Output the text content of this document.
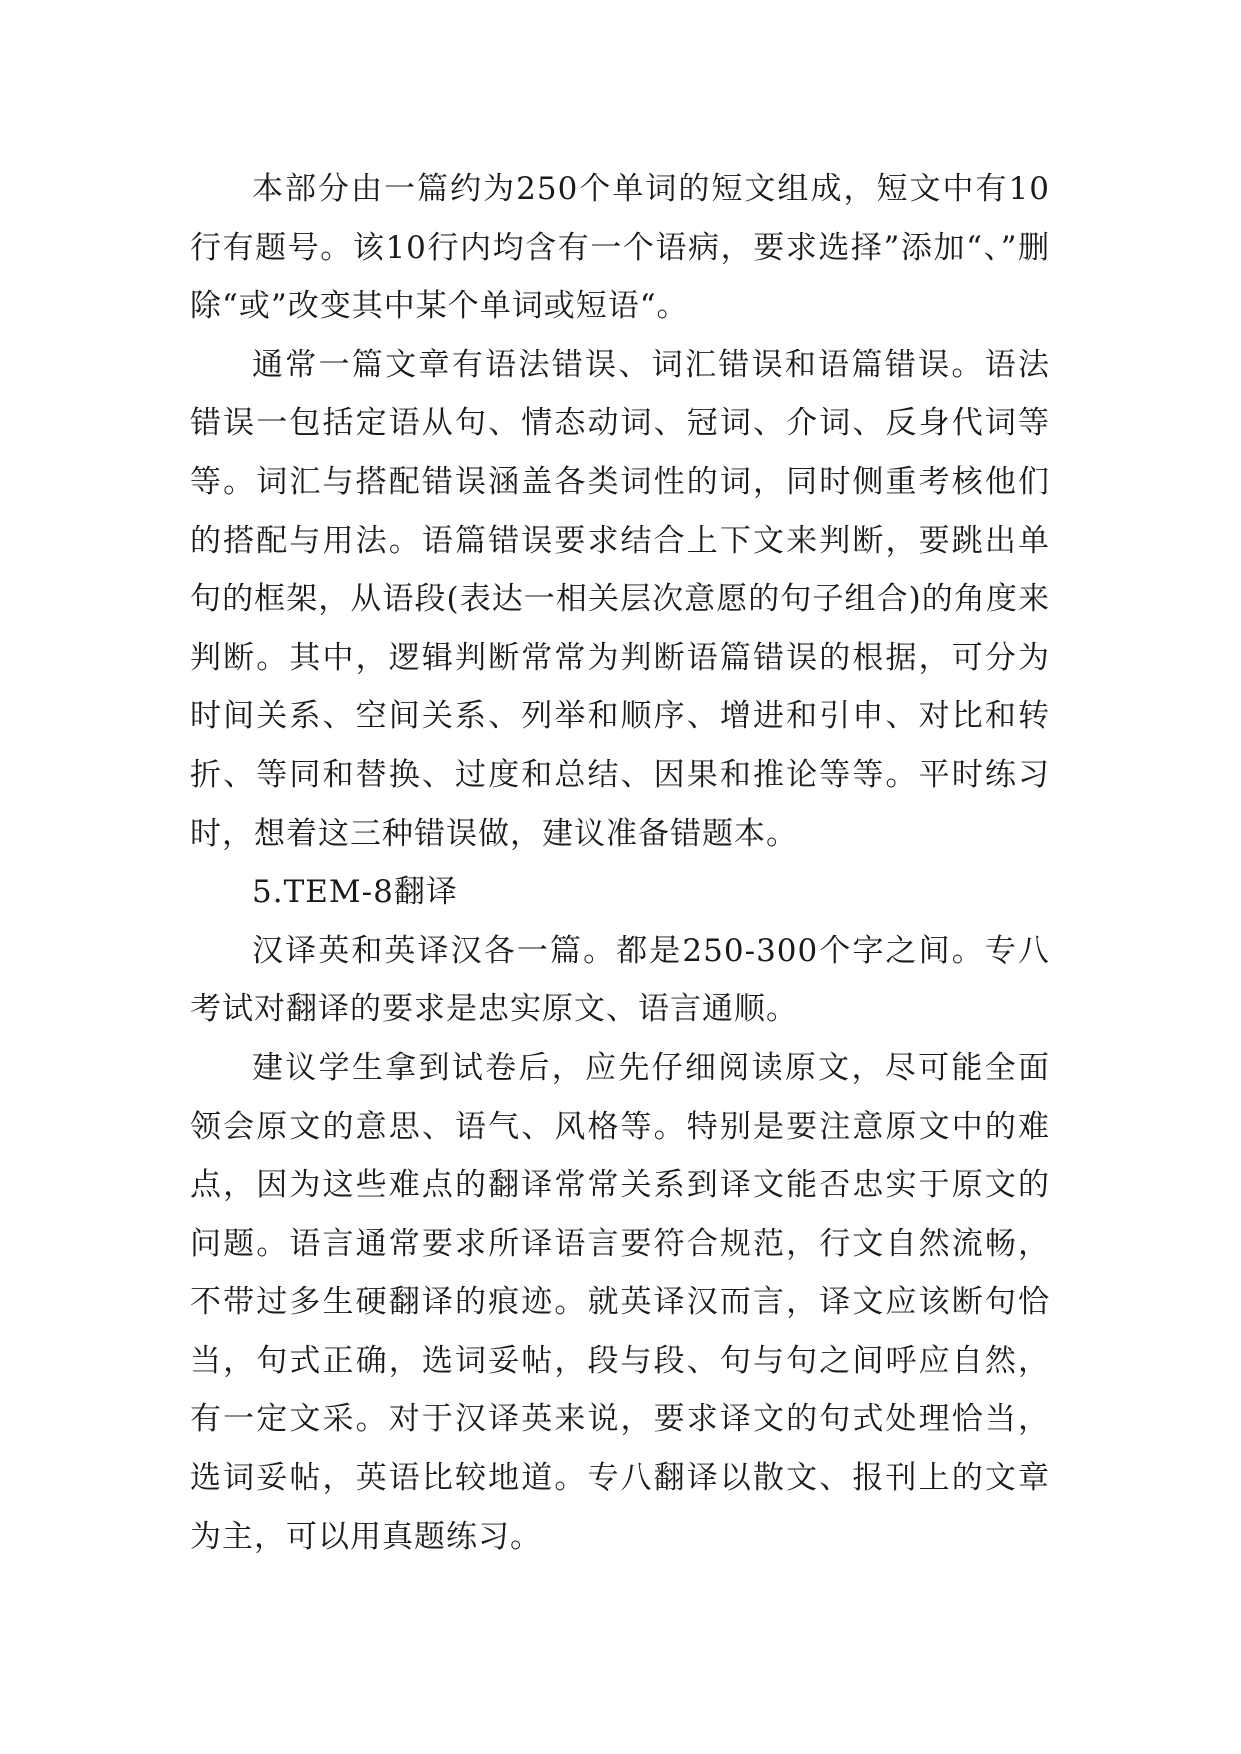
本部分由一篇约为250个单词的短文组成，短文中有10行有题号。该10行内均含有一个语病，要求选择”添加“、”删除“或”改变其中某个单词或短语“。

通常一篇文章有语法错误、词汇错误和语篇错误。语法错误一包括定语从句、情态动词、冠词、介词、反身代词等等。词汇与搭配错误涵盖各类词性的词，同时侧重考核他们的搭配与用法。语篇错误要求结合上下文来判断，要跳出单句的框架，从语段(表达一相关层次意愿的句子组合)的角度来判断。其中，逻辑判断常常为判断语篇错误的根据，可分为时间关系、空间关系、列举和顺序、增进和引申、对比和转折、等同和替换、过度和总结、因果和推论等等。平时练习时，想着这三种错误做，建议准备错题本。

5.TEM-8翻译

汉译英和英译汉各一篇。都是250-300个字之间。专八考试对翻译的要求是忠实原文、语言通顺。

建议学生拿到试卷后，应先仔细阅读原文，尽可能全面领会原文的意思、语气、风格等。特别是要注意原文中的难点，因为这些难点的翻译常常关系到译文能否忠实于原文的问题。语言通常要求所译语言要符合规范，行文自然流畅，不带过多生硬翻译的痕迹。就英译汉而言，译文应该断句恰当，句式正确，选词妥帖，段与段、句与句之间呼应自然，有一定文采。对于汉译英来说，要求译文的句式处理恰当，选词妥帖，英语比较地道。专八翻译以散文、报刊上的文章为主，可以用真题练习。
